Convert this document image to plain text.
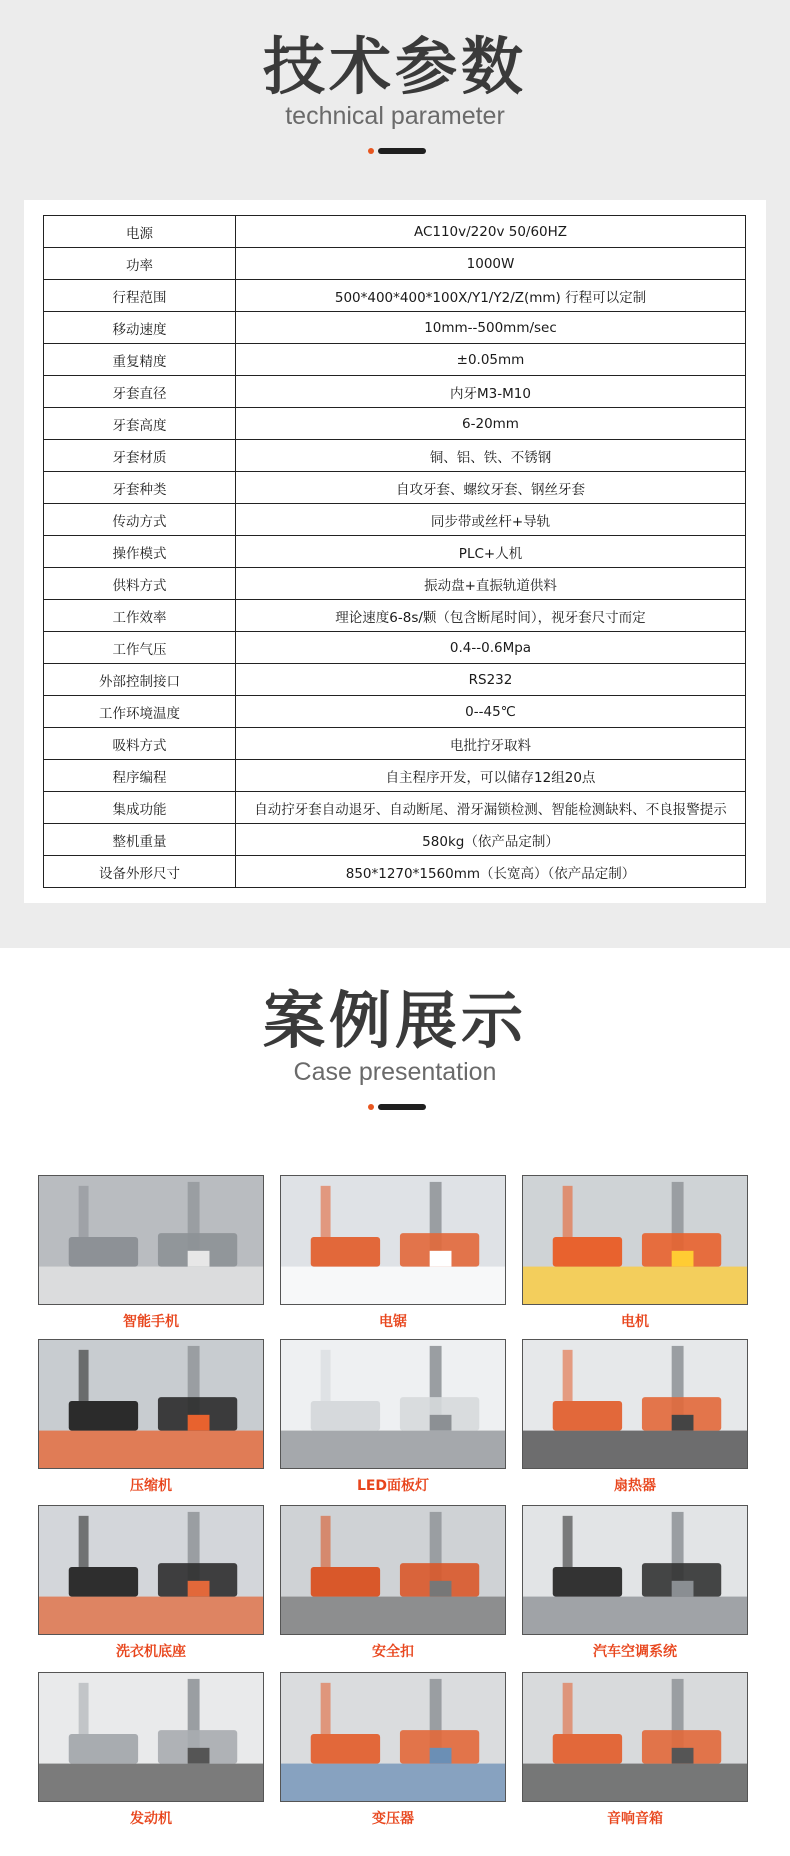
技术参数
technical parameter
电源	AC110v/220v 50/60HZ
功率	1000W
行程范围	500*400*400*100X/Y1/Y2/Z(mm) 行程可以定制
移动速度	10mm--500mm/sec
重复精度	±0.05mm
牙套直径	内牙M3-M10
牙套高度	6-20mm
牙套材质	铜、铝、铁、不锈钢
牙套种类	自攻牙套、螺纹牙套、钢丝牙套
传动方式	同步带或丝杆+导轨
操作模式	PLC+人机
供料方式	振动盘+直振轨道供料
工作效率	理论速度6-8s/颗（包含断尾时间），视牙套尺寸而定
工作气压	0.4--0.6Mpa
外部控制接口	RS232
工作环境温度	0--45℃
吸料方式	电批拧牙取料
程序编程	自主程序开发，可以储存12组20点
集成功能	自动拧牙套自动退牙、自动断尾、滑牙漏锁检测、智能检测缺料、不良报警提示
整机重量	580kg（依产品定制）
设备外形尺寸	850*1270*1560mm（长宽高）（依产品定制）
案例展示
Case presentation
智能手机	电锯	电机
压缩机	LED面板灯	扇热器
洗衣机底座	安全扣	汽车空调系统
发动机	变压器	音响音箱
